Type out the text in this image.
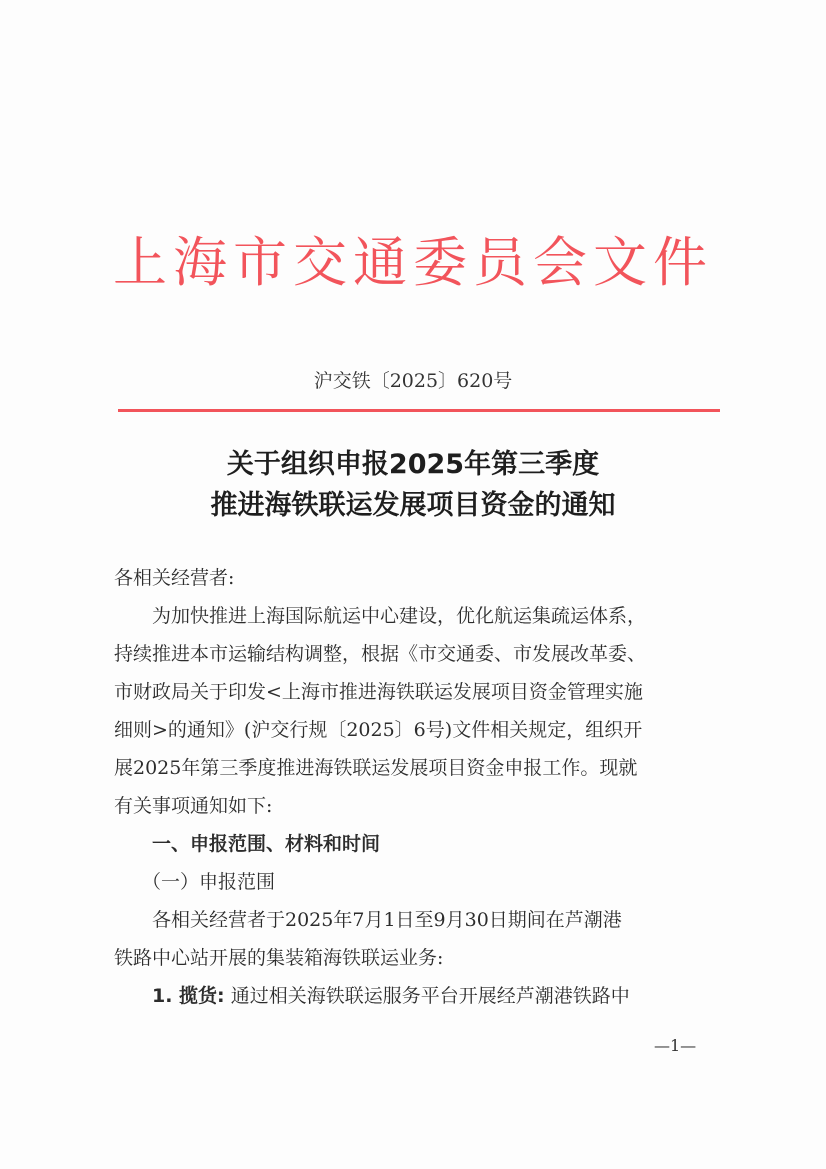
上海市交通委员会文件
沪交铁〔2025〕620号
关于组织申报2025年第三季度
推进海铁联运发展项目资金的通知
各相关经营者:
为加快推进上海国际航运中心建设，优化航运集疏运体系，
持续推进本市运输结构调整，根据《市交通委、市发展改革委、
市财政局关于印发<上海市推进海铁联运发展项目资金管理实施
细则>的通知》(沪交行规〔2025〕6号)文件相关规定，组织开
展2025年第三季度推进海铁联运发展项目资金申报工作。现就
有关事项通知如下:
一、申报范围、材料和时间
（一）申报范围
各相关经营者于2025年7月1日至9月30日期间在芦潮港
铁路中心站开展的集装箱海铁联运业务:
1. 揽货: 通过相关海铁联运服务平台开展经芦潮港铁路中
—1—
